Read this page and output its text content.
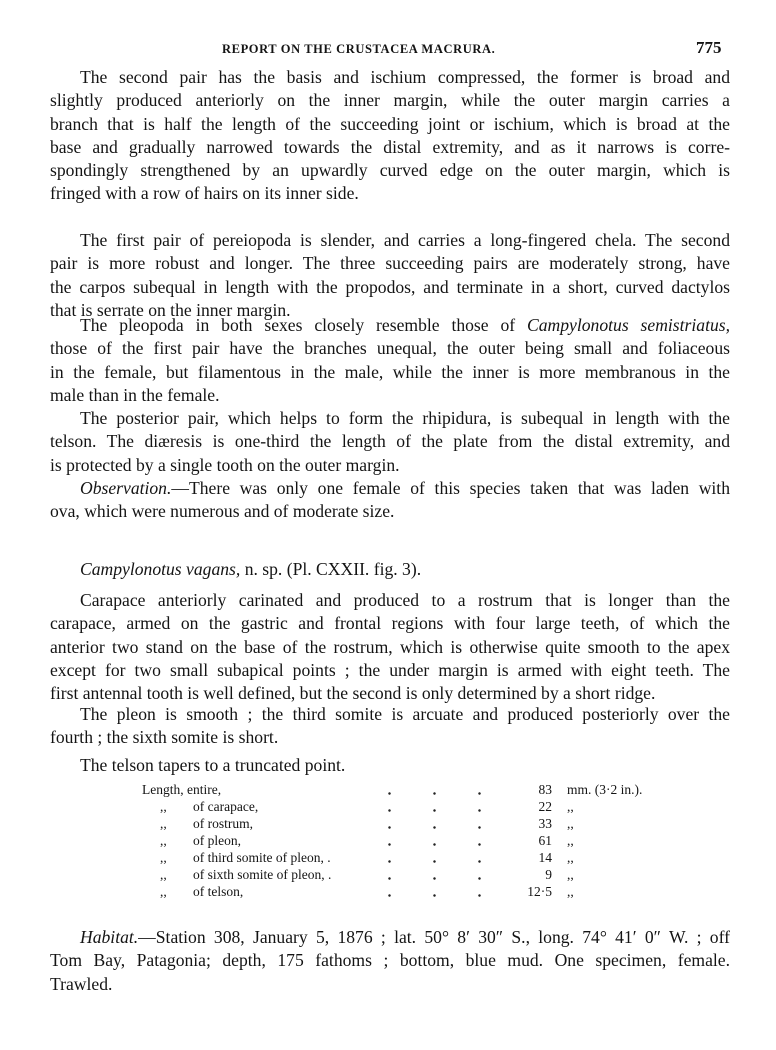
REPORT ON THE CRUSTACEA MACRURA.	775
The second pair has the basis and ischium compressed, the former is broad and
slightly produced anteriorly on the inner margin, while the outer margin carries a
branch that is half the length of the succeeding joint or ischium, which is broad at the
base and gradually narrowed towards the distal extremity, and as it narrows is corre-
spondingly strengthened by an upwardly curved edge on the outer margin, which is
fringed with a row of hairs on its inner side.
The first pair of pereiopoda is slender, and carries a long-fingered chela. The second
pair is more robust and longer. The three succeeding pairs are moderately strong, have
the carpos subequal in length with the propodos, and terminate in a short, curved dactylos
that is serrate on the inner margin.
The pleopoda in both sexes closely resemble those of Campylonotus semistriatus,
those of the first pair have the branches unequal, the outer being small and foliaceous
in the female, but filamentous in the male, while the inner is more membranous in the
male than in the female.
The posterior pair, which helps to form the rhipidura, is subequal in length with the
telson. The diæresis is one-third the length of the plate from the distal extremity, and
is protected by a single tooth on the outer margin.
Observation.—There was only one female of this species taken that was laden with
ova, which were numerous and of moderate size.
Carapace anteriorly carinated and produced to a rostrum that is longer than the
carapace, armed on the gastric and frontal regions with four large teeth, of which the
anterior two stand on the base of the rostrum, which is otherwise quite smooth to the apex
except for two small subapical points ; the under margin is armed with eight teeth. The
first antennal tooth is well defined, but the second is only determined by a short ridge.
The pleon is smooth ; the third somite is arcuate and produced posteriorly over the
fourth ; the sixth somite is short.
The telson tapers to a truncated point.
Habitat.—Station 308, January 5, 1876 ; lat. 50° 8′ 30″ S., long. 74° 41′ 0″ W. ; off
Tom Bay, Patagonia; depth, 175 fathoms ; bottom, blue mud. One specimen, female.
Trawled.
Campylonotus vagans, n. sp. (Pl. CXXII. fig. 3).
Length, entire,	83 mm. (3·2 in.).
,, of carapace,	22 ,,
,, of rostrum,	33 ,,
,, of pleon,	61 ,,
,, of third somite of pleon, .	14 ,,
,, of sixth somite of pleon, .	9 ,,
,, of telson,	12·5 ,,
